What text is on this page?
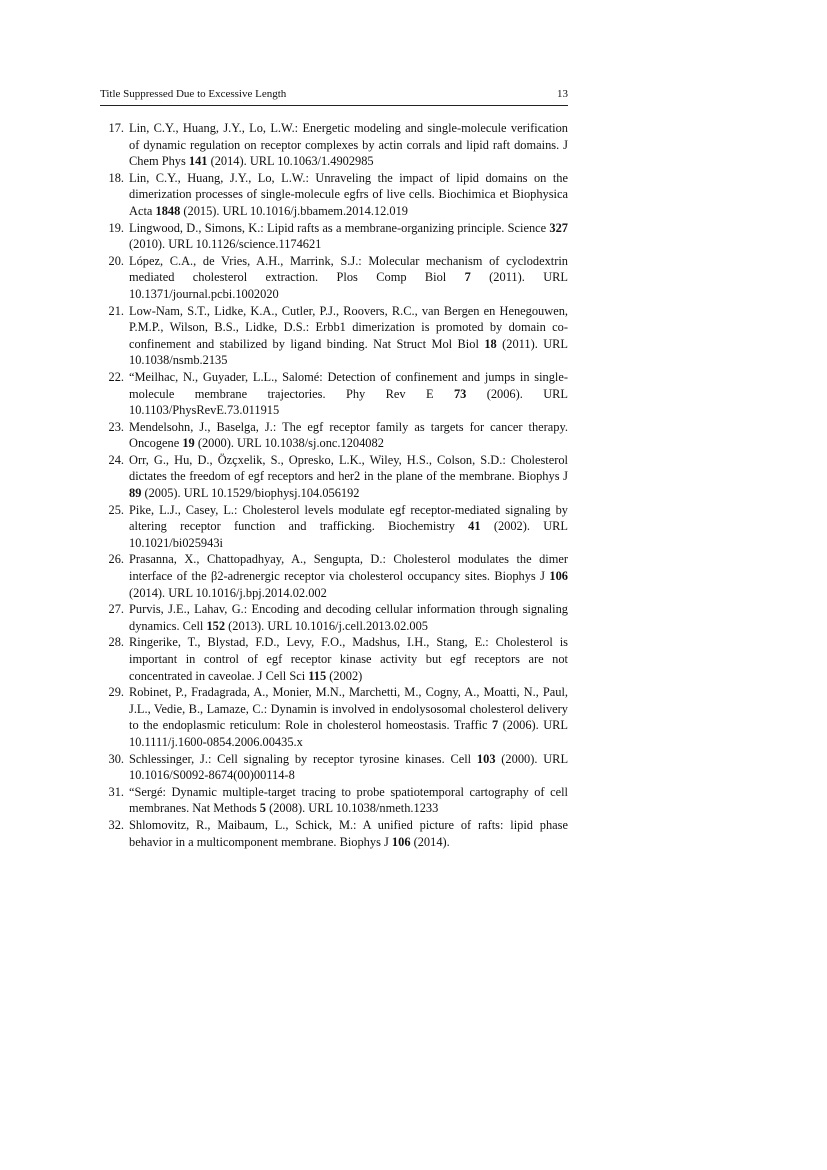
Title Suppressed Due to Excessive Length	13
17. Lin, C.Y., Huang, J.Y., Lo, L.W.: Energetic modeling and single-molecule verification of dynamic regulation on receptor complexes by actin corrals and lipid raft domains. J Chem Phys 141 (2014). URL 10.1063/1.4902985
18. Lin, C.Y., Huang, J.Y., Lo, L.W.: Unraveling the impact of lipid domains on the dimerization processes of single-molecule egfrs of live cells. Biochimica et Biophysica Acta 1848 (2015). URL 10.1016/j.bbamem.2014.12.019
19. Lingwood, D., Simons, K.: Lipid rafts as a membrane-organizing principle. Science 327 (2010). URL 10.1126/science.1174621
20. López, C.A., de Vries, A.H., Marrink, S.J.: Molecular mechanism of cyclodextrin mediated cholesterol extraction. Plos Comp Biol 7 (2011). URL 10.1371/journal.pcbi.1002020
21. Low-Nam, S.T., Lidke, K.A., Cutler, P.J., Roovers, R.C., van Bergen en Henegouwen, P.M.P., Wilson, B.S., Lidke, D.S.: Erbb1 dimerization is promoted by domain co-confinement and stabilized by ligand binding. Nat Struct Mol Biol 18 (2011). URL 10.1038/nsmb.2135
22. “Meilhac, N., Guyader, L.L., Salomé: Detection of confinement and jumps in single-molecule membrane trajectories. Phy Rev E 73 (2006). URL 10.1103/PhysRevE.73.011915
23. Mendelsohn, J., Baselga, J.: The egf receptor family as targets for cancer therapy. Oncogene 19 (2000). URL 10.1038/sj.onc.1204082
24. Orr, G., Hu, D., Özçxelik, S., Opresko, L.K., Wiley, H.S., Colson, S.D.: Cholesterol dictates the freedom of egf receptors and her2 in the plane of the membrane. Biophys J 89 (2005). URL 10.1529/biophysj.104.056192
25. Pike, L.J., Casey, L.: Cholesterol levels modulate egf receptor-mediated signaling by altering receptor function and trafficking. Biochemistry 41 (2002). URL 10.1021/bi025943i
26. Prasanna, X., Chattopadhyay, A., Sengupta, D.: Cholesterol modulates the dimer interface of the β2-adrenergic receptor via cholesterol occupancy sites. Biophys J 106 (2014). URL 10.1016/j.bpj.2014.02.002
27. Purvis, J.E., Lahav, G.: Encoding and decoding cellular information through signaling dynamics. Cell 152 (2013). URL 10.1016/j.cell.2013.02.005
28. Ringerike, T., Blystad, F.D., Levy, F.O., Madshus, I.H., Stang, E.: Cholesterol is important in control of egf receptor kinase activity but egf receptors are not concentrated in caveolae. J Cell Sci 115 (2002)
29. Robinet, P., Fradagrada, A., Monier, M.N., Marchetti, M., Cogny, A., Moatti, N., Paul, J.L., Vedie, B., Lamaze, C.: Dynamin is involved in endolysosomal cholesterol delivery to the endoplasmic reticulum: Role in cholesterol homeostasis. Traffic 7 (2006). URL 10.1111/j.1600-0854.2006.00435.x
30. Schlessinger, J.: Cell signaling by receptor tyrosine kinases. Cell 103 (2000). URL 10.1016/S0092-8674(00)00114-8
31. “Sergé: Dynamic multiple-target tracing to probe spatiotemporal cartography of cell membranes. Nat Methods 5 (2008). URL 10.1038/nmeth.1233
32. Shlomovitz, R., Maibaum, L., Schick, M.: A unified picture of rafts: lipid phase behavior in a multicomponent membrane. Biophys J 106 (2014).
